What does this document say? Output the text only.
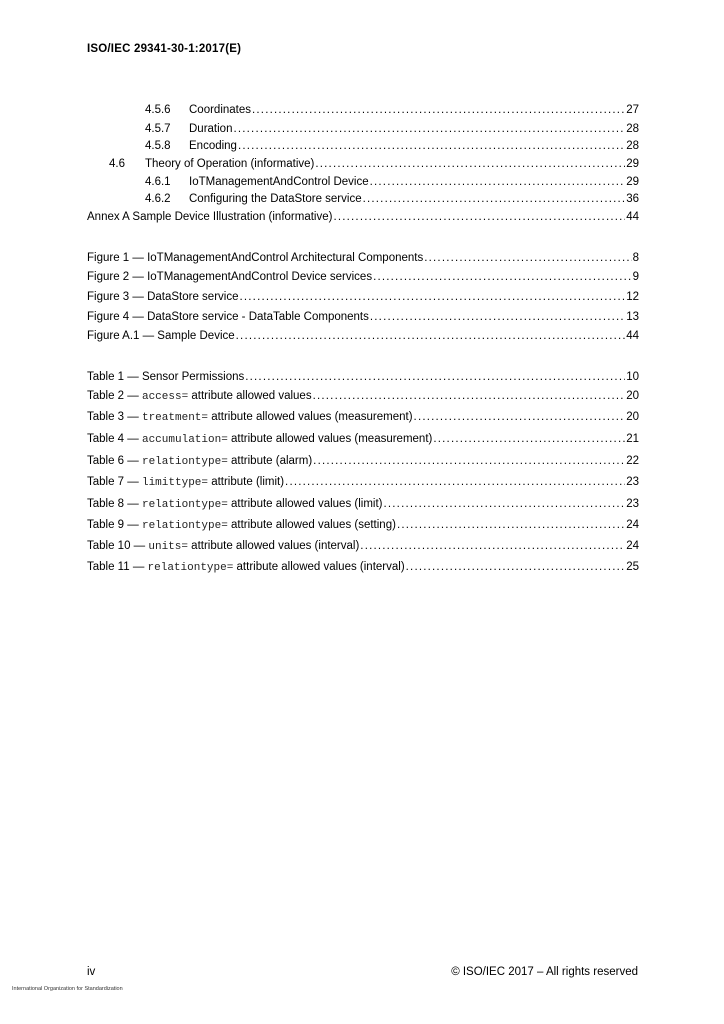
ISO/IEC 29341-30-1:2017(E)
4.5.6	Coordinates .....	27
4.5.7	Duration .....	28
4.5.8	Encoding .....	28
4.6	Theory of Operation (informative) .....	29
4.6.1	IoTManagementAndControl Device .....	29
4.6.2	Configuring the DataStore service .....	36
Annex A Sample Device Illustration (informative) .....	44
Figure 1 — IoTManagementAndControl Architectural Components .....	8
Figure 2 — IoTManagementAndControl Device services .....	9
Figure 3 — DataStore service .....	12
Figure 4 — DataStore service - DataTable Components .....	13
Figure A.1 — Sample Device .....	44
Table 1 — Sensor Permissions .....	10
Table 2 — access= attribute allowed values .....	20
Table 3 — treatment= attribute allowed values (measurement) .....	20
Table 4 — accumulation= attribute allowed values (measurement) .....	21
Table 6 — relationtype= attribute (alarm) .....	22
Table 7 — limittype= attribute (limit) .....	23
Table 8 — relationtype= attribute allowed values (limit) .....	23
Table 9 — relationtype= attribute allowed values (setting) .....	24
Table 10 — units= attribute allowed values (interval) .....	24
Table 11 — relationtype= attribute allowed values (interval) .....	25
iv	© ISO/IEC 2017 – All rights reserved
International Organization for Standardization
